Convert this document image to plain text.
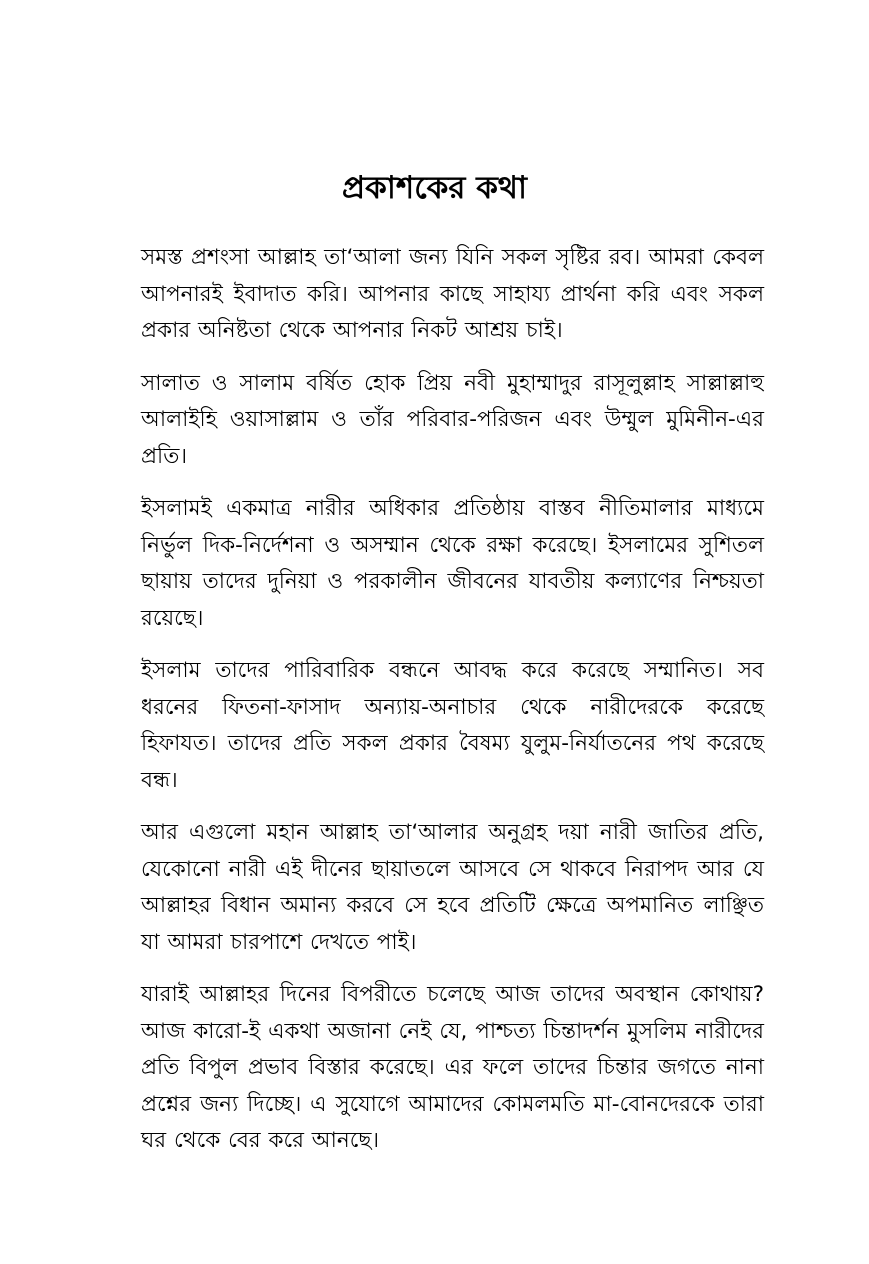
প্রকাশকের কথা

সমস্ত প্রশংসা আল্লাহ তা‘আলা জন্য যিনি সকল সৃষ্টির রব। আমরা কেবল আপনারই ইবাদাত করি। আপনার কাছে সাহায্য প্রার্থনা করি এবং সকল প্রকার অনিষ্টতা থেকে আপনার নিকট আশ্রয় চাই।

সালাত ও সালাম বর্ষিত হোক প্রিয় নবী মুহাম্মাদুর রাসূলুল্লাহ সাল্লাল্লাহু আলাইহি ওয়াসাল্লাম ও তাঁর পরিবার-পরিজন এবং উম্মুল মুমিনীন-এর প্রতি।

ইসলামই একমাত্র নারীর অধিকার প্রতিষ্ঠায় বাস্তব নীতিমালার মাধ্যমে নির্ভুল দিক-নির্দেশনা ও অসম্মান থেকে রক্ষা করেছে। ইসলামের সুশিতল ছায়ায় তাদের দুনিয়া ও পরকালীন জীবনের যাবতীয় কল্যাণের নিশ্চয়তা রয়েছে।

ইসলাম তাদের পারিবারিক বন্ধনে আবদ্ধ করে করেছে সম্মানিত। সব ধরনের ফিতনা-ফাসাদ অন্যায়-অনাচার থেকে নারীদেরকে করেছে হিফাযত। তাদের প্রতি সকল প্রকার বৈষম্য যুলুম-নির্যাতনের পথ করেছে বন্ধ।

আর এগুলো মহান আল্লাহ তা‘আলার অনুগ্রহ দয়া নারী জাতির প্রতি, যেকোনো নারী এই দীনের ছায়াতলে আসবে সে থাকবে নিরাপদ আর যে আল্লাহর বিধান অমান্য করবে সে হবে প্রতিটি ক্ষেত্রে অপমানিত লাঞ্ছিত যা আমরা চারপাশে দেখতে পাই।

যারাই আল্লাহর দিনের বিপরীতে চলেছে আজ তাদের অবস্থান কোথায়? আজ কারো-ই একথা অজানা নেই যে, পাশ্চত্য চিন্তাদর্শন মুসলিম নারীদের প্রতি বিপুল প্রভাব বিস্তার করেছে। এর ফলে তাদের চিন্তার জগতে নানা প্রশ্নের জন্য দিচ্ছে। এ সুযোগে আমাদের কোমলমতি মা-বোনদেরকে তারা ঘর থেকে বের করে আনছে।
